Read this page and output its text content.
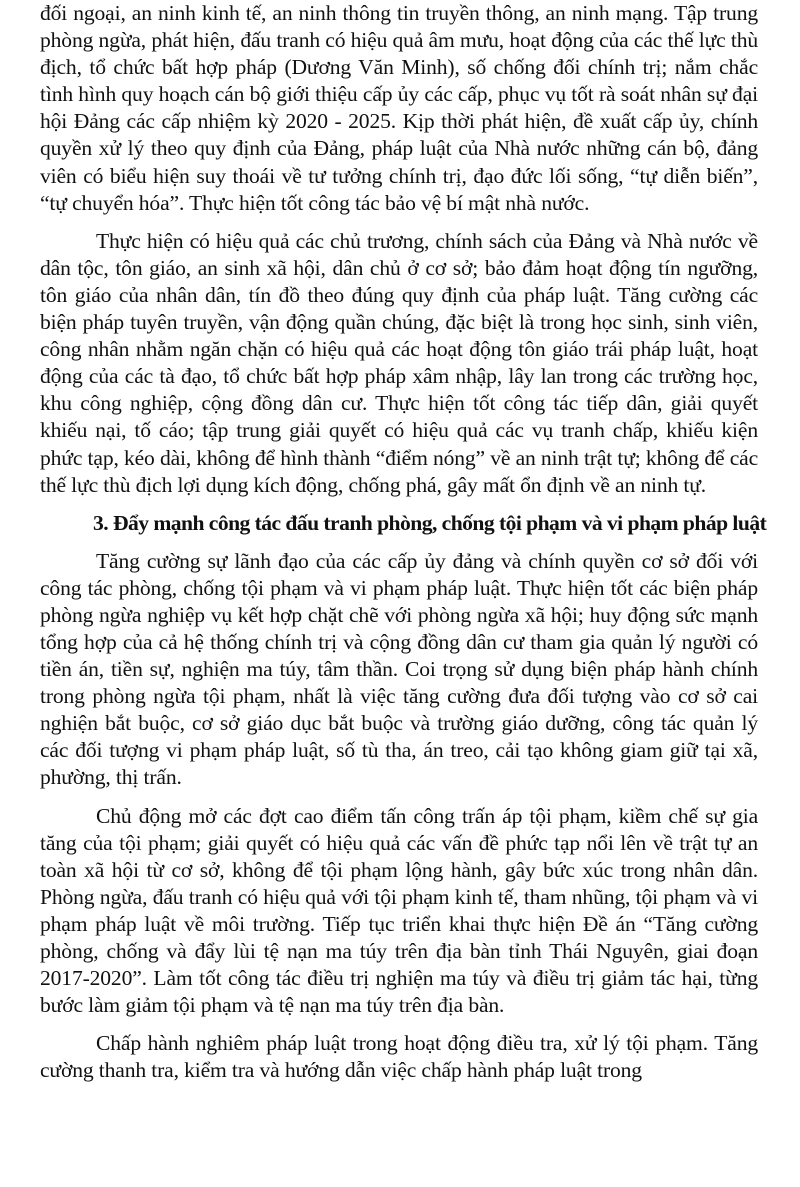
đối ngoại, an ninh kinh tế, an ninh thông tin truyền thông, an ninh mạng. Tập trung phòng ngừa, phát hiện, đấu tranh có hiệu quả âm mưu, hoạt động của các thế lực thù địch, tổ chức bất hợp pháp (Dương Văn Minh), số chống đối chính trị; nắm chắc tình hình quy hoạch cán bộ giới thiệu cấp ủy các cấp, phục vụ tốt rà soát nhân sự đại hội Đảng các cấp nhiệm kỳ 2020 - 2025. Kịp thời phát hiện, đề xuất cấp ủy, chính quyền xử lý theo quy định của Đảng, pháp luật của Nhà nước những cán bộ, đảng viên có biểu hiện suy thoái về tư tưởng chính trị, đạo đức lối sống, “tự diễn biến”, “tự chuyển hóa”. Thực hiện tốt công tác bảo vệ bí mật nhà nước.

Thực hiện có hiệu quả các chủ trương, chính sách của Đảng và Nhà nước về dân tộc, tôn giáo, an sinh xã hội, dân chủ ở cơ sở; bảo đảm hoạt động tín ngưỡng, tôn giáo của nhân dân, tín đồ theo đúng quy định của pháp luật. Tăng cường các biện pháp tuyên truyền, vận động quần chúng, đặc biệt là trong học sinh, sinh viên, công nhân nhằm ngăn chặn có hiệu quả các hoạt động tôn giáo trái pháp luật, hoạt động của các tà đạo, tổ chức bất hợp pháp xâm nhập, lây lan trong các trường học, khu công nghiệp, cộng đồng dân cư. Thực hiện tốt công tác tiếp dân, giải quyết khiếu nại, tố cáo; tập trung giải quyết có hiệu quả các vụ tranh chấp, khiếu kiện phức tạp, kéo dài, không để hình thành “điểm nóng” về an ninh trật tự; không để các thế lực thù địch lợi dụng kích động, chống phá, gây mất ổn định về an ninh tự.

3. Đẩy mạnh công tác đấu tranh phòng, chống tội phạm và vi phạm pháp luật

Tăng cường sự lãnh đạo của các cấp ủy đảng và chính quyền cơ sở đối với công tác phòng, chống tội phạm và vi phạm pháp luật. Thực hiện tốt các biện pháp phòng ngừa nghiệp vụ kết hợp chặt chẽ với phòng ngừa xã hội; huy động sức mạnh tổng hợp của cả hệ thống chính trị và cộng đồng dân cư tham gia quản lý người có tiền án, tiền sự, nghiện ma túy, tâm thần. Coi trọng sử dụng biện pháp hành chính trong phòng ngừa tội phạm, nhất là việc tăng cường đưa đối tượng vào cơ sở cai nghiện bắt buộc, cơ sở giáo dục bắt buộc và trường giáo dưỡng, công tác quản lý các đối tượng vi phạm pháp luật, số tù tha, án treo, cải tạo không giam giữ tại xã, phường, thị trấn.

Chủ động mở các đợt cao điểm tấn công trấn áp tội phạm, kiềm chế sự gia tăng của tội phạm; giải quyết có hiệu quả các vấn đề phức tạp nổi lên về trật tự an toàn xã hội từ cơ sở, không để tội phạm lộng hành, gây bức xúc trong nhân dân. Phòng ngừa, đấu tranh có hiệu quả với tội phạm kinh tế, tham nhũng, tội phạm và vi phạm pháp luật về môi trường. Tiếp tục triển khai thực hiện Đề án “Tăng cường phòng, chống và đẩy lùi tệ nạn ma túy trên địa bàn tỉnh Thái Nguyên, giai đoạn 2017-2020”. Làm tốt công tác điều trị nghiện ma túy và điều trị giảm tác hại, từng bước làm giảm tội phạm và tệ nạn ma túy trên địa bàn.

Chấp hành nghiêm pháp luật trong hoạt động điều tra, xử lý tội phạm. Tăng cường thanh tra, kiểm tra và hướng dẫn việc chấp hành pháp luật trong
